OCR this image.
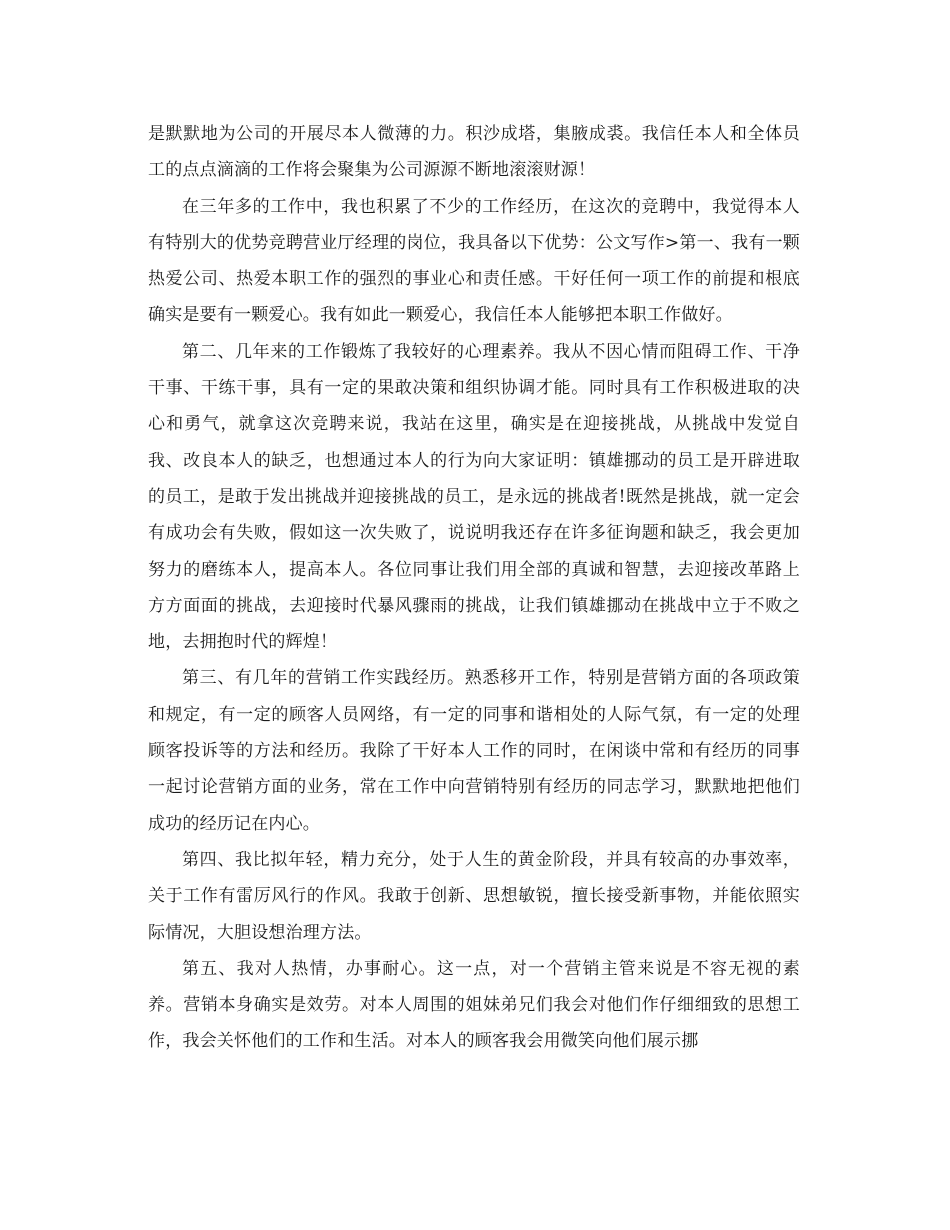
是默默地为公司的开展尽本人微薄的力。积沙成塔，集腋成裘。我信任本人和全体员工的点点滴滴的工作将会聚集为公司源源不断地滚滚财源！

在三年多的工作中，我也积累了不少的工作经历，在这次的竞聘中，我觉得本人有特别大的优势竞聘营业厅经理的岗位，我具备以下优势：公文写作>第一、我有一颗热爱公司、热爱本职工作的强烈的事业心和责任感。干好任何一项工作的前提和根底确实是要有一颗爱心。我有如此一颗爱心，我信任本人能够把本职工作做好。

第二、几年来的工作锻炼了我较好的心理素养。我从不因心情而阻碍工作、干净干事、干练干事，具有一定的果敢决策和组织协调才能。同时具有工作积极进取的决心和勇气，就拿这次竞聘来说，我站在这里，确实是在迎接挑战，从挑战中发觉自我、改良本人的缺乏，也想通过本人的行为向大家证明：镇雄挪动的员工是开辟进取的员工，是敢于发出挑战并迎接挑战的员工，是永远的挑战者!既然是挑战，就一定会有成功会有失败，假如这一次失败了，说说明我还存在许多征询题和缺乏，我会更加努力的磨练本人，提高本人。各位同事让我们用全部的真诚和智慧，去迎接改革路上方方面面的挑战，去迎接时代暴风骤雨的挑战，让我们镇雄挪动在挑战中立于不败之地，去拥抱时代的辉煌！

第三、有几年的营销工作实践经历。熟悉移开工作，特别是营销方面的各项政策和规定，有一定的顾客人员网络，有一定的同事和谐相处的人际气氛，有一定的处理顾客投诉等的方法和经历。我除了干好本人工作的同时，在闲谈中常和有经历的同事一起讨论营销方面的业务，常在工作中向营销特别有经历的同志学习，默默地把他们成功的经历记在内心。

第四、我比拟年轻，精力充分，处于人生的黄金阶段，并具有较高的办事效率，关于工作有雷厉风行的作风。我敢于创新、思想敏锐，擅长接受新事物，并能依照实际情况，大胆设想治理方法。

第五、我对人热情，办事耐心。这一点，对一个营销主管来说是不容无视的素养。营销本身确实是效劳。对本人周围的姐妹弟兄们我会对他们作仔细细致的思想工作，我会关怀他们的工作和生活。对本人的顾客我会用微笑向他们展示挪
